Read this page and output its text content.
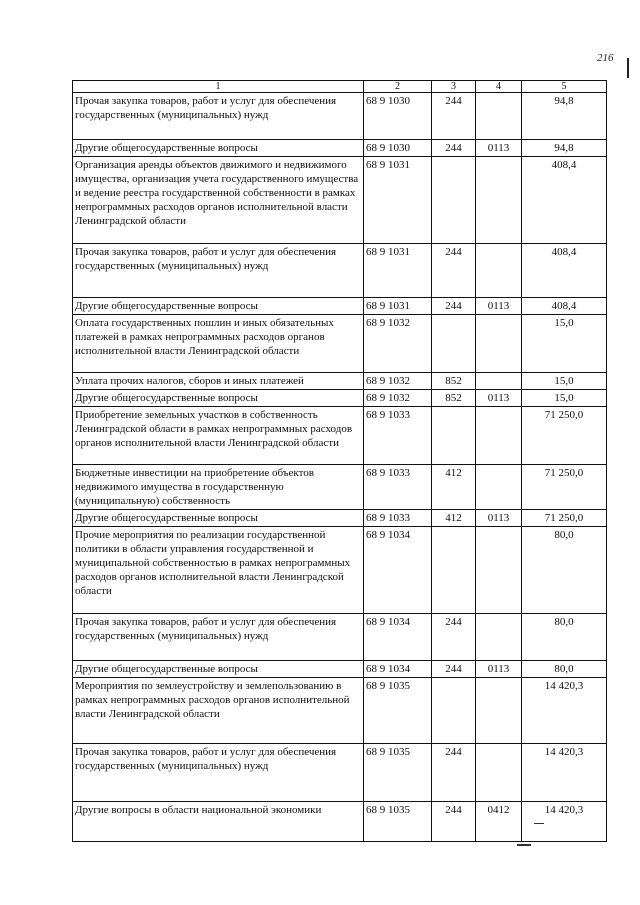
216
1	2	3	4	5
Прочая закупка товаров, работ и услуг для обеспечения государственных (муниципальных) нужд	68 9 1030	244		94,8
Другие общегосударственные вопросы	68 9 1030	244	0113	94,8
Организация аренды объектов движимого и недвижимого имущества, организация учета государственного имущества и ведение реестра государственной собственности в рамках непрограммных расходов органов исполнительной власти Ленинградской области	68 9 1031			408,4
Прочая закупка товаров, работ и услуг для обеспечения государственных (муниципальных) нужд	68 9 1031	244		408,4
Другие общегосударственные вопросы	68 9 1031	244	0113	408,4
Оплата государственных пошлин и иных обязательных платежей в рамках непрограммных расходов органов исполнительной власти Ленинградской области	68 9 1032			15,0
Уплата прочих налогов, сборов и иных платежей	68 9 1032	852		15,0
Другие общегосударственные вопросы	68 9 1032	852	0113	15,0
Приобретение земельных участков в собственность Ленинградской области в рамках непрограммных расходов органов исполнительной власти Ленинградской области	68 9 1033			71 250,0
Бюджетные инвестиции на приобретение объектов недвижимого имущества в государственную (муниципальную) собственность	68 9 1033	412		71 250,0
Другие общегосударственные вопросы	68 9 1033	412	0113	71 250,0
Прочие мероприятия по реализации государственной политики в области управления государственной и муниципальной собственностью в рамках непрограммных расходов органов исполнительной власти Ленинградской области	68 9 1034			80,0
Прочая закупка товаров, работ и услуг для обеспечения государственных (муниципальных) нужд	68 9 1034	244		80,0
Другие общегосударственные вопросы	68 9 1034	244	0113	80,0
Мероприятия по землеустройству и землепользованию в рамках непрограммных расходов органов исполнительной власти Ленинградской области	68 9 1035			14 420,3
Прочая закупка товаров, работ и услуг для обеспечения государственных (муниципальных) нужд	68 9 1035	244		14 420,3
Другие вопросы в области национальной экономики	68 9 1035	244	0412	14 420,3
